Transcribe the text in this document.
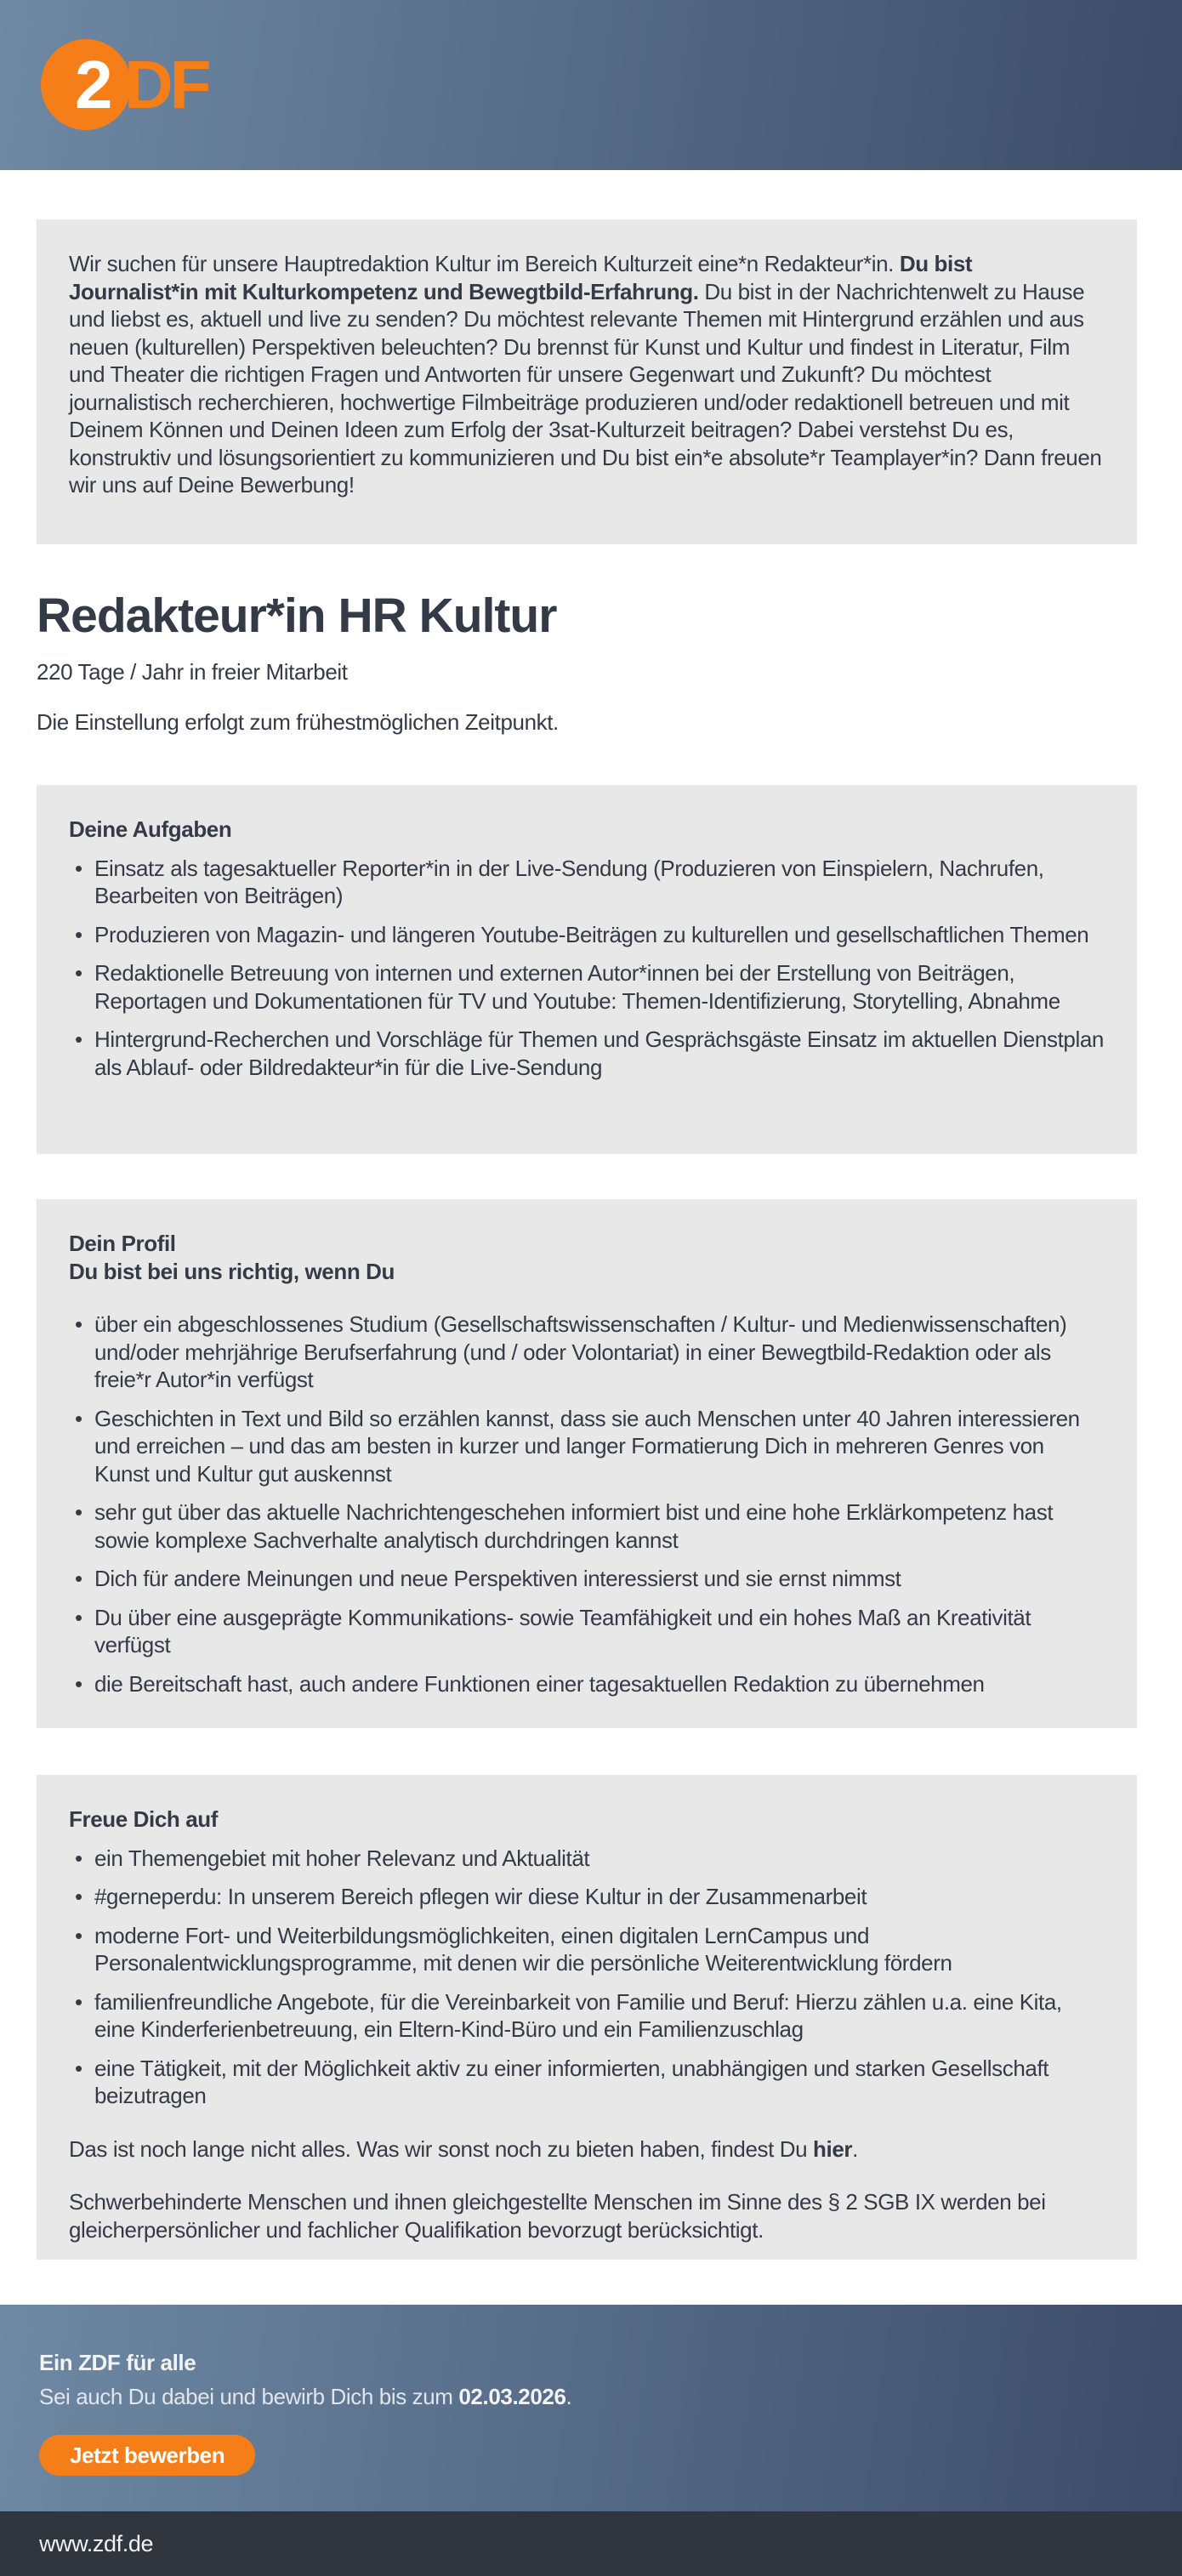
2 DF

Wir suchen für unsere Hauptredaktion Kultur im Bereich Kulturzeit eine*n Redakteur*in. Du bist Journalist*in mit Kulturkompetenz und Bewegtbild-Erfahrung. Du bist in der Nachrichtenwelt zu Hause und liebst es, aktuell und live zu senden? Du möchtest relevante Themen mit Hintergrund erzählen und aus neuen (kulturellen) Perspektiven beleuchten? Du brennst für Kunst und Kultur und findest in Literatur, Film und Theater die richtigen Fragen und Antworten für unsere Gegenwart und Zukunft? Du möchtest journalistisch recherchieren, hochwertige Filmbeiträge produzieren und/oder redaktionell betreuen und mit Deinem Können und Deinen Ideen zum Erfolg der 3sat-Kulturzeit beitragen? Dabei verstehst Du es, konstruktiv und lösungsorientiert zu kommunizieren und Du bist ein*e absolute*r Teamplayer*in? Dann freuen wir uns auf Deine Bewerbung!

Redakteur*in HR Kultur

220 Tage / Jahr in freier Mitarbeit

Die Einstellung erfolgt zum frühestmöglichen Zeitpunkt.

Deine Aufgaben
• Einsatz als tagesaktueller Reporter*in in der Live-Sendung (Produzieren von Einspielern, Nachrufen, Bearbeiten von Beiträgen)
• Produzieren von Magazin- und längeren Youtube-Beiträgen zu kulturellen und gesellschaftlichen Themen
• Redaktionelle Betreuung von internen und externen Autor*innen bei der Erstellung von Beiträgen, Reportagen und Dokumentationen für TV und Youtube: Themen-Identifizierung, Storytelling, Abnahme
• Hintergrund-Recherchen und Vorschläge für Themen und Gesprächsgäste Einsatz im aktuellen Dienstplan als Ablauf- oder Bildredakteur*in für die Live-Sendung
Dein Profil
Du bist bei uns richtig, wenn Du
• über ein abgeschlossenes Studium (Gesellschaftswissenschaften / Kultur- und Medienwissenschaften) und/oder mehrjährige Berufserfahrung (und / oder Volontariat) in einer Bewegtbild-Redaktion oder als freie*r Autor*in verfügst
• Geschichten in Text und Bild so erzählen kannst, dass sie auch Menschen unter 40 Jahren interessieren und erreichen – und das am besten in kurzer und langer Formatierung Dich in mehreren Genres von Kunst und Kultur gut auskennst
• sehr gut über das aktuelle Nachrichtengeschehen informiert bist und eine hohe Erklärkompetenz hast sowie komplexe Sachverhalte analytisch durchdringen kannst
• Dich für andere Meinungen und neue Perspektiven interessierst und sie ernst nimmst
• Du über eine ausgeprägte Kommunikations- sowie Teamfähigkeit und ein hohes Maß an Kreativität verfügst
• die Bereitschaft hast, auch andere Funktionen einer tagesaktuellen Redaktion zu übernehmen
Freue Dich auf
• ein Themengebiet mit hoher Relevanz und Aktualität
• #gerneperdu: In unserem Bereich pflegen wir diese Kultur in der Zusammenarbeit
• moderne Fort- und Weiterbildungsmöglichkeiten, einen digitalen LernCampus und Personalentwicklungsprogramme, mit denen wir die persönliche Weiterentwicklung fördern
• familienfreundliche Angebote, für die Vereinbarkeit von Familie und Beruf: Hierzu zählen u.a. eine Kita, eine Kinderferienbetreuung, ein Eltern-Kind-Büro und ein Familienzuschlag
• eine Tätigkeit, mit der Möglichkeit aktiv zu einer informierten, unabhängigen und starken Gesellschaft beizutragen

Das ist noch lange nicht alles. Was wir sonst noch zu bieten haben, findest Du hier.

Schwerbehinderte Menschen und ihnen gleichgestellte Menschen im Sinne des § 2 SGB IX werden bei gleicherpersönlicher und fachlicher Qualifikation bevorzugt berücksichtigt.

Ein ZDF für alle

Sei auch Du dabei und bewirb Dich bis zum 02.03.2026.

Jetzt bewerben
www.zdf.de
